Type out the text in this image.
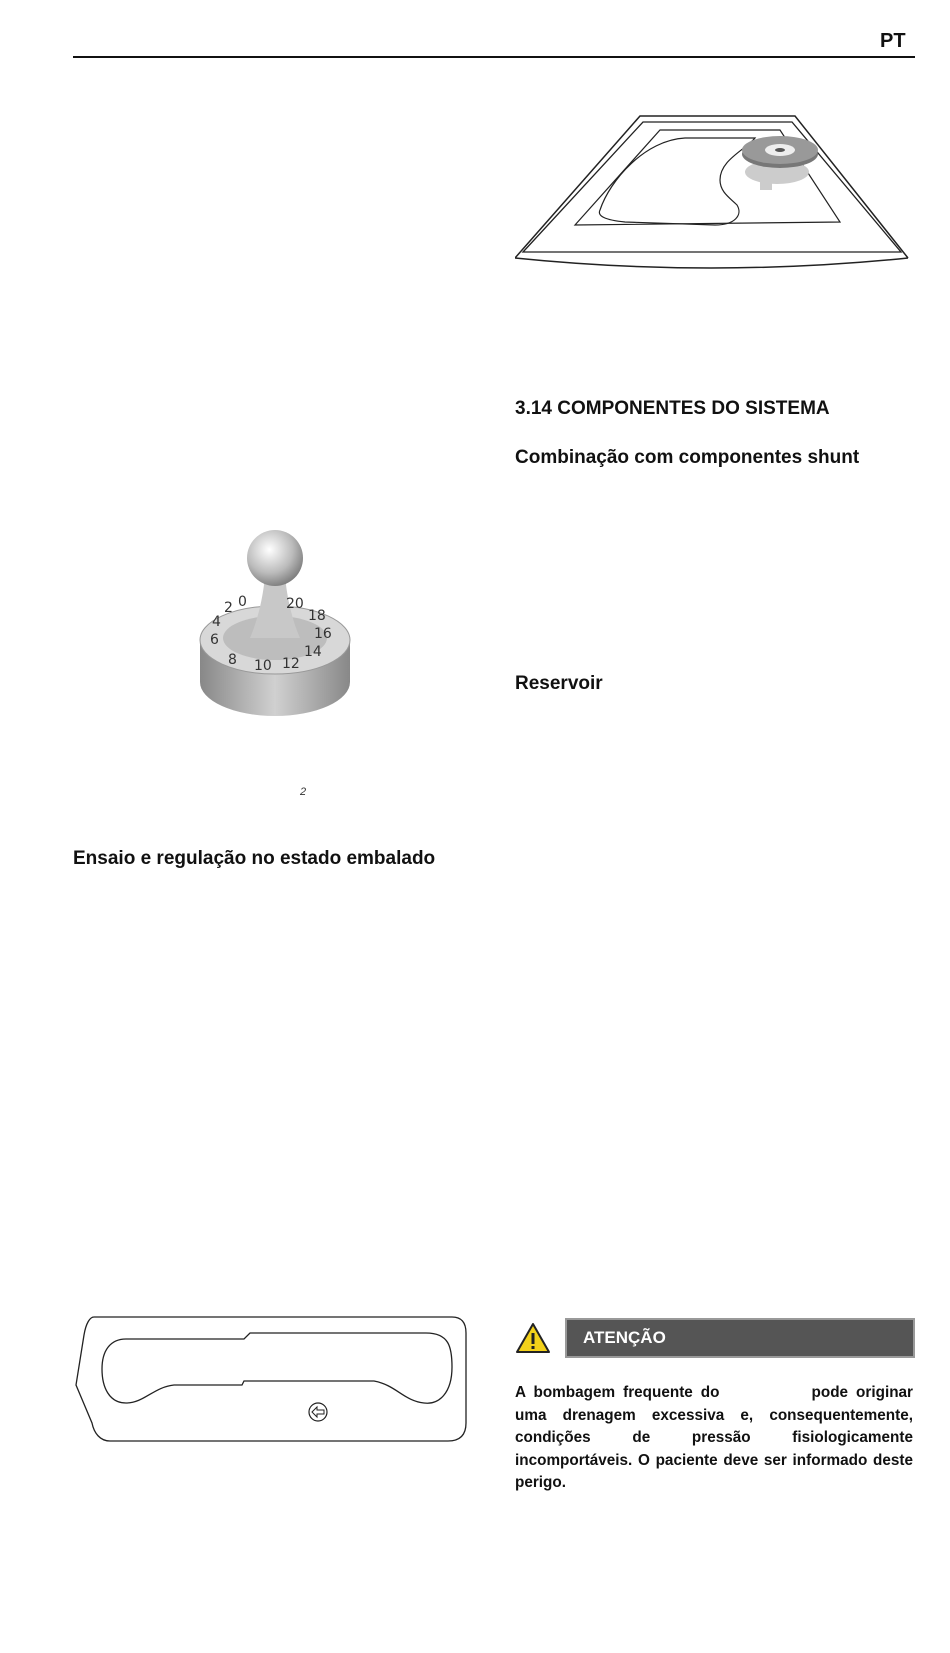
PT
3.14 COMPONENTES DO SISTEMA
Combinação com componentes shunt
Reservoir
0
2
4
6
8 10 12
14
16
18
20
2
Ensaio e regulação no estado embalado
ATENÇÃO
A bombagem frequente do	pode originar uma drenagem excessiva e, consequentemente, condições de pressão fisiologicamente incomportáveis. O paciente deve ser informado deste perigo.
